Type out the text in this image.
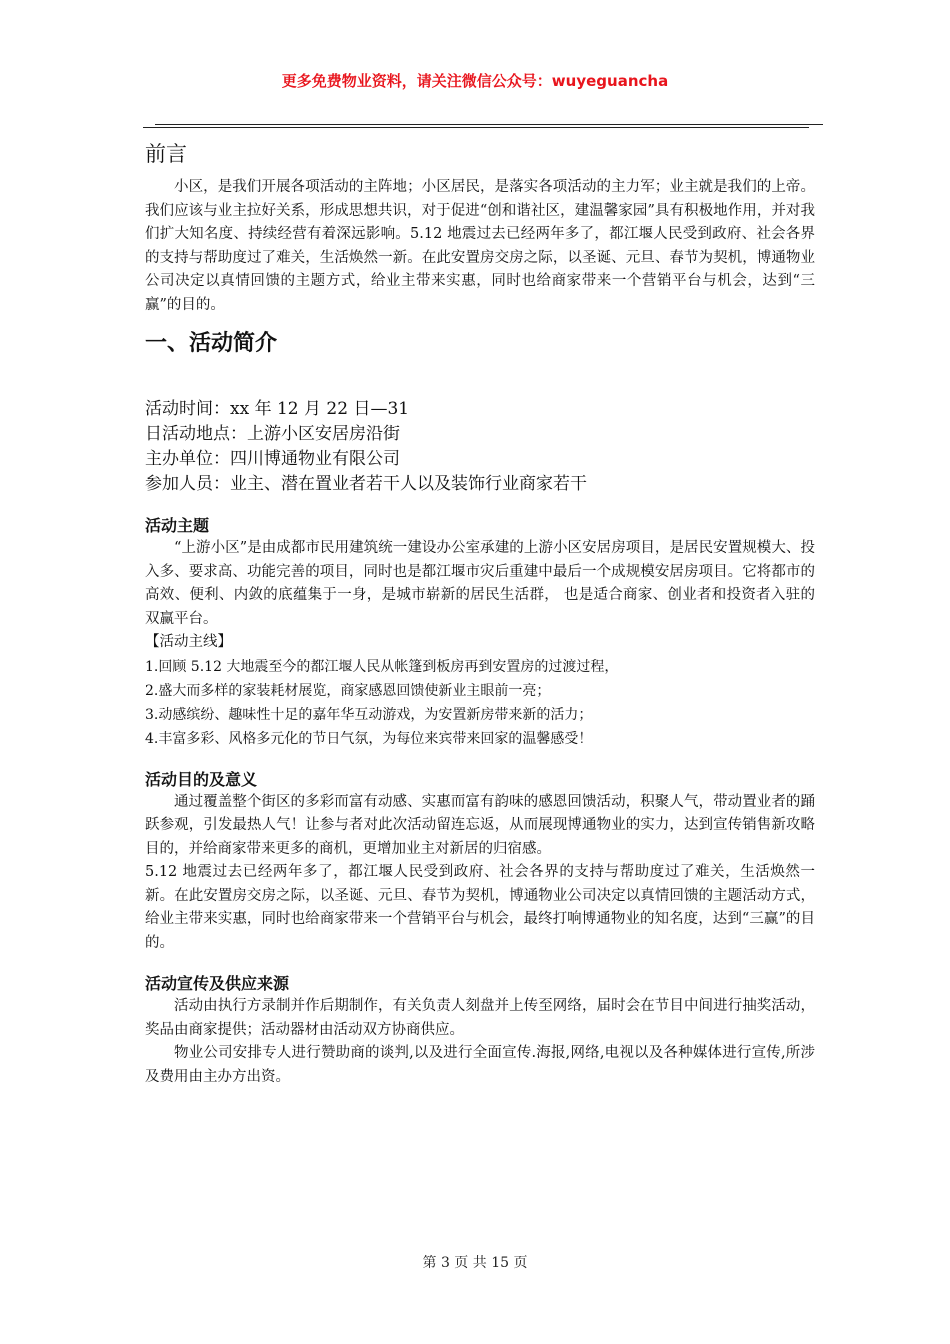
更多免费物业资料，请关注微信公众号：wuyeguancha
前言

小区，是我们开展各项活动的主阵地；小区居民，是落实各项活动的主力军；业主就是我们的上帝。我们应该与业主拉好关系，形成思想共识，对于促进“创和谐社区，建温馨家园”具有积极地作用，并对我们扩大知名度、持续经营有着深远影响。5.12 地震过去已经两年多了，都江堰人民受到政府、社会各界的支持与帮助度过了难关，生活焕然一新。在此安置房交房之际，以圣诞、元旦、春节为契机，博通物业公司决定以真情回馈的主题方式，给业主带来实惠，同时也给商家带来一个营销平台与机会，达到“三赢”的目的。

一、活动简介
活动时间：xx 年 12 月 22 日—31
日活动地点：上游小区安居房沿街
主办单位：四川博通物业有限公司
参加人员：业主、潜在置业者若干人以及装饰行业商家若干
活动主题

“上游小区”是由成都市民用建筑统一建设办公室承建的上游小区安居房项目，是居民安置规模大、投入多、要求高、功能完善的项目，同时也是都江堰市灾后重建中最后一个成规模安居房项目。它将都市的高效、便利、内敛的底蕴集于一身，是城市崭新的居民生活群， 也是适合商家、创业者和投资者入驻的双赢平台。

【活动主线】
1.回顾 5.12 大地震至今的都江堰人民从帐篷到板房再到安置房的过渡过程，
2.盛大而多样的家装耗材展览，商家感恩回馈使新业主眼前一亮；
3.动感缤纷、趣味性十足的嘉年华互动游戏，为安置新房带来新的活力；
4.丰富多彩、风格多元化的节日气氛，为每位来宾带来回家的温馨感受！
活动目的及意义

通过覆盖整个街区的多彩而富有动感、实惠而富有韵味的感恩回馈活动，积聚人气，带动置业者的踊跃参观，引发最热人气！让参与者对此次活动留连忘返，从而展现博通物业的实力，达到宣传销售新攻略目的，并给商家带来更多的商机，更增加业主对新居的归宿感。

5.12 地震过去已经两年多了，都江堰人民受到政府、社会各界的支持与帮助度过了难关，生活焕然一新。在此安置房交房之际，以圣诞、元旦、春节为契机，博通物业公司决定以真情回馈的主题活动方式，给业主带来实惠，同时也给商家带来一个营销平台与机会，最终打响博通物业的知名度，达到“三赢”的目的。

活动宣传及供应来源

活动由执行方录制并作后期制作，有关负责人刻盘并上传至网络，届时会在节目中间进行抽奖活动，奖品由商家提供；活动器材由活动双方协商供应。

物业公司安排专人进行赞助商的谈判,以及进行全面宣传.海报,网络,电视以及各种媒体进行宣传,所涉及费用由主办方出资。

第 3 页 共 15 页
